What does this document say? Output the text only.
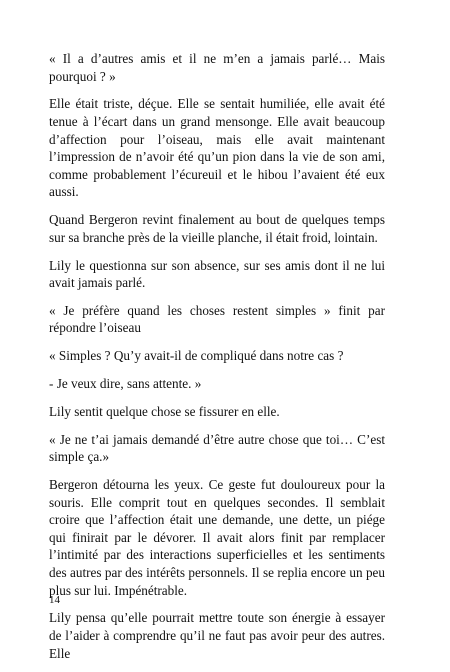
« Il a d’autres amis et il ne m’en a jamais parlé… Mais pourquoi ? »

Elle était triste, déçue. Elle se sentait humiliée, elle avait été tenue à l’écart dans un grand mensonge. Elle avait beaucoup d’affection pour l’oiseau, mais elle avait maintenant l’impression de n’avoir été qu’un pion dans la vie de son ami, comme probablement l’écureuil et le hibou l’avaient été eux aussi.

Quand Bergeron revint finalement au bout de quelques temps sur sa branche près de la vieille planche, il était froid, lointain.

Lily le questionna sur son absence, sur ses amis dont il ne lui avait jamais parlé.

« Je préfère quand les choses restent simples » finit par répondre l’oiseau

« Simples ? Qu’y avait-il de compliqué dans notre cas ?

- Je veux dire, sans attente. »

Lily sentit quelque chose se fissurer en elle.

« Je ne t’ai jamais demandé d’être autre chose que toi… C’est simple ça.»

Bergeron détourna les yeux. Ce geste fut douloureux pour la souris. Elle comprit tout en quelques secondes. Il semblait croire que l’affection était une demande, une dette, un piége qui finirait par le dévorer. Il avait alors finit par remplacer l’intimité par des interactions superficielles et les sentiments des autres par des intérêts personnels. Il se replia encore un peu plus sur lui. Impénétrable.

Lily pensa qu’elle pourrait mettre toute son énergie à essayer de l’aider à comprendre qu’il ne faut pas avoir peur des autres. Elle

14
